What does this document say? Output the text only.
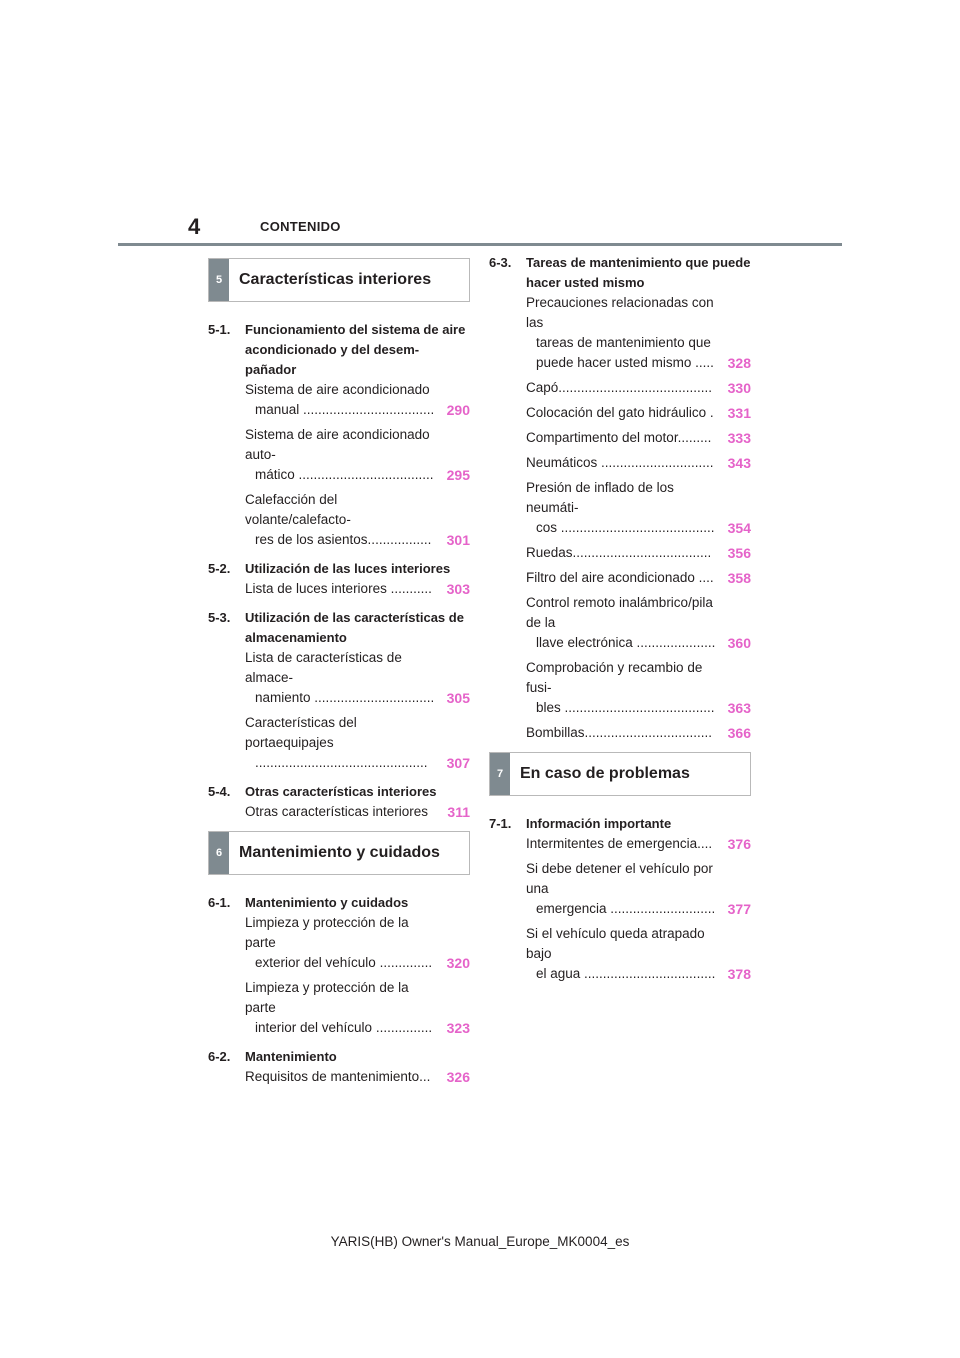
4	CONTENIDO
5	Características interiores
5-1.	Funcionamiento del sistema de aire acondicionado y del desem-pañador
Sistema de aire acondicionado
manual ................................... 290
Sistema de aire acondicionado auto-
mático .................................... 295
Calefacción del volante/calefacto-
res de los asientos.................	301
5-2.	Utilización de las luces interiores
Lista de luces interiores ...........	303
5-3.	Utilización de las características de almacenamiento
Lista de características de almace-
namiento ................................ 305
Características del portaequipajes
..............................................	307
5-4.	Otras características interiores
Otras características interiores	311
6	Mantenimiento y cuidados
6-1.	Mantenimiento y cuidados
Limpieza y protección de la parte
exterior del vehículo ..............	320
Limpieza y protección de la parte
interior del vehículo ...............	323
6-2.	Mantenimiento
Requisitos de mantenimiento...	326
6-3.	Tareas de mantenimiento que puede hacer usted mismo
Precauciones relacionadas con las
tareas de mantenimiento que
puede hacer usted mismo ..... 328
Capó.........................................	330
Colocación del gato hidráulico .	331
Compartimento del motor.........	333
Neumáticos ..............................	343
Presión de inflado de los neumáti-
cos ......................................... 354
Ruedas.....................................	356
Filtro del aire acondicionado ....	358
Control remoto inalámbrico/pila de la
llave electrónica ..................... 360
Comprobación y recambio de fusi-
bles ........................................ 363
Bombillas..................................	366
7	En caso de problemas
7-1.	Información importante
Intermitentes de emergencia....	376
Si debe detener el vehículo por una
emergencia ............................ 377
Si el vehículo queda atrapado bajo
el agua ................................... 378
YARIS(HB) Owner's Manual_Europe_MK0004_es
